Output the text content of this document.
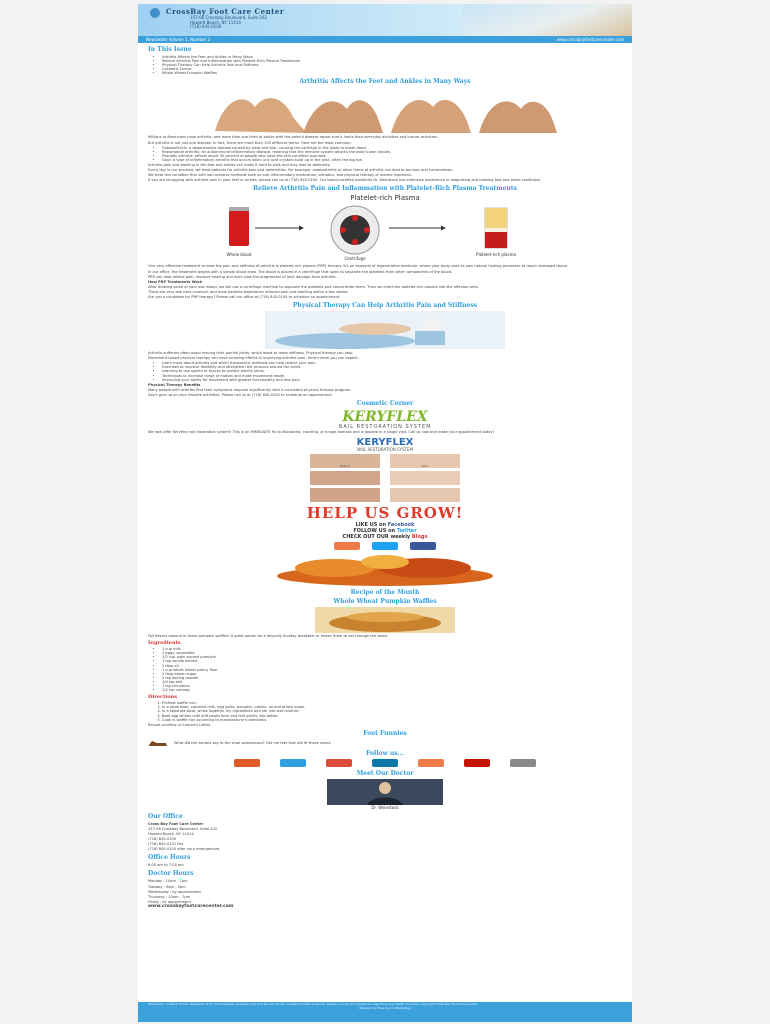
CrossBay Foot Care Center
157-06 Crossbay Boulevard, Suite 202
Howard Beach, NY 11414
(718) 845-0100
Newsletter Volume 1, Number 2	www.crossbayfootcarecenter.com
In This Issue
• Arthritis Affects the Feet and Ankles in Many Ways
• Relieve Arthritis Pain and Inflammation with Platelet-Rich Plasma Treatments
• Physical Therapy Can Help Arthritis Pain and Stiffness
• Cosmetic Corner
• Whole Wheat Pumpkin Waffles
Arthritis Affects the Feet and Ankles in Many Ways

Millions of Americans have arthritis, and more than one-third of adults with the painful disease report that it limits their everyday activities and leisure activities.

But arthritis is not just one disease. In fact, there are more than 100 different forms. Here are the most common:

• Osteoarthritis: a degenerative disease caused by wear and tear, causing the cartilage in the joints to break down.
• Rheumatoid arthritis: an autoimmune inflammatory disease, meaning that the immune system attacks the body's own tissues.
• Psoriatic arthritis: affects about 30 percent of people who have the skin condition psoriasis.
• Gout: a type of inflammatory arthritis that occurs when uric acid crystals build up in the joint, often the big toe.

Arthritis pain and swelling in the feet and ankles can make it hard to walk and may lead to deformity.

Every day in our practice, we treat patients for arthritis pain and deformities. For example, osteoarthritis or other forms of arthritis can lead to bunions and hammertoes.

We treat this condition first with non-invasive methods such as anti-inflammatory medication, orthotics, and physical therapy or steroid injections.

If you are struggling with arthritis pain in your feet or ankles, please call us at (718) 845-0100. Our board-certified podiatrist Dr. Weinstock has extensive experience in diagnosing and treating foot and ankle conditions.

Relieve Arthritis Pain and Inflammation with Platelet-Rich Plasma Treatments
Platelet-rich Plasma
Whole blood
Centrifuge
Platelet-rich plasma

One very effective treatment to ease the pain and stiffness of arthritis is platelet-rich plasma (PRP) therapy. It's an example of regenerative medicine, where your body uses its own natural healing processes to repair damaged tissue.

In our office, the treatment begins with a simple blood draw. The blood is placed in a centrifuge that spins to separate the platelets from other components of the blood.

PRP can help relieve pain, improve healing and even slow the progression of joint damage from arthritis.

How PRP Treatments Work

After drawing some of your own blood, we will use a centrifuge machine to separate the platelets and concentrate them. Then we inject the platelet-rich plasma into the affected area.

There are very few risks involved, and most patients experience reduced pain and swelling within a few weeks.

Are you a candidate for PRP therapy? Please call our office at (718) 845-0100 to schedule an appointment.

Physical Therapy Can Help Arthritis Pain and Stiffness

Arthritis sufferers often avoid moving their painful joints, which leads to more stiffness. Physical therapy can help.

Movement-based physical therapy can have amazing effects in improving arthritis pain. Here's what you can expect:

• Learn more about arthritis and which therapeutic methods can help relieve your pain.
• Exercises to improve flexibility and strengthen the muscles around the joints.
• Learning to use splints or braces to protect painful joints.
• Techniques to increase range of motion and make movement easier.
• Improving your ability for movement with greater functionality and less pain.

Physical Therapy Benefits

Many people with arthritis find their symptoms improve significantly with a consistent physical therapy program.

Don't give up on your favorite activities. Please call us at (718) 845-0100 to schedule an appointment.

Cosmetic Corner
KERYFLEX
NAIL RESTORATION SYSTEM

We now offer Keryflex nail restoration system! This is an IMMEDIATE fix to discolored, cracking, or fungal toenails and is applied in a single visit. Call us now and make your appointment today!

KERYFLEX
NAIL RESTORATION SYSTEM
Before	After
HELP US GROW!
LIKE US on Facebook
FOLLOW US on Twitter
CHECK OUT OUR weekly Blogs
Recipe of the Month
Whole Wheat Pumpkin Waffles

Fall flavors abound in these pumpkin waffles! A great option for a leisurely Sunday breakfast or freeze them to eat through the week.

Ingredients
• 1 cup milk
• 2 eggs, separated
• 1/2 cup plain pureed pumpkin
• 1 tsp vanilla extract
• 2 tbsp oil
• 1 cup whole wheat pastry flour
• 2 tbsp brown sugar
• 2 tsp baking powder
• 1/4 tsp salt
• 1 tsp cinnamon
• 1/4 tsp nutmeg
Directions
1. Preheat waffle iron.
2. In a large bowl, combine milk, egg yolks, pumpkin, vanilla, oil and brown sugar.
3. In a separate bowl, whisk together dry ingredients and stir into wet mixture.
4. Beat egg whites until stiff peaks form and fold gently into batter.
5. Cook in waffle iron according to manufacturer's directions.

Recipe courtesy of Lauren's Latest

Foot Funnies

What did the zombie say to the shoe salesperson? Get me feet that will fit these shoes.

Follow us...
Meet Our Doctor
Dr. Weinstock
Our Office
Cross Bay Foot Care Center
157-06 Crossbay Boulevard, Suite 202
Howard Beach, NY 11414
(718) 845-0100
(718) 845-0101 Fax
(718) 845-0100 after hour emergencies
Office Hours
8:00 am to 7:00 pm
Doctor Hours
Monday : 10am - 7pm
Tuesday : 9am - 5pm
Wednesday : by appointment
Thursday : 10am - 7pm
Friday : by appointment
www.crossbayfootcarecenter.com
Disclaimer: Content of this newsletter is for informational purposes only and should not be considered medical advice. Please consult your physician regarding any health concerns. Copyright Cross Bay Foot Care Center.
Powered by Blue Sound Marketing
